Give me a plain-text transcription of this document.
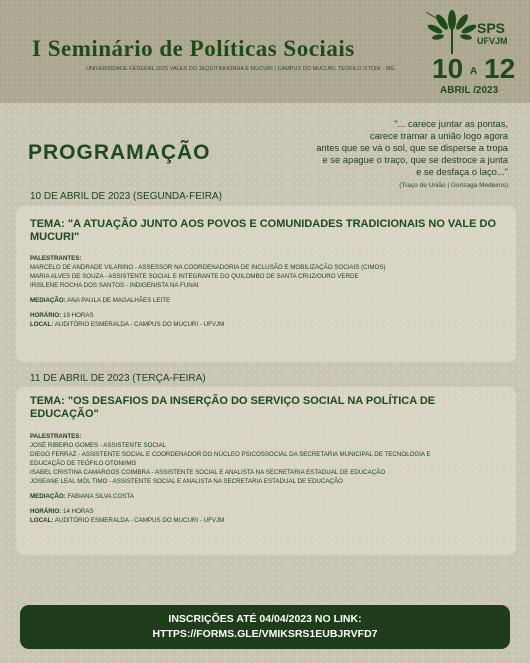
I Seminário de Políticas Sociais
UNIVERSIDADE FEDERAL DOS VALES DO JEQUITINHONHA E MUCURI | CAMPUS DO MUCURI, TEÓFILO OTONI - MG
SPS
UFVJM
10 A 12
ABRIL /2023
"... carece juntar as pontas,
carece tramar a união logo agora
antes que se vá o sol, que se disperse a tropa
e se apague o traço, que se destroce a junta
e se desfaça o laço..."
(Traço de União | Gonzaga Medeiros)
PROGRAMAÇÃO
10 DE ABRIL DE 2023 (SEGUNDA-FEIRA)
TEMA: "A ATUAÇÃO JUNTO AOS POVOS E COMUNIDADES TRADICIONAIS NO VALE DO MUCURI"
PALESTRANTES:
MARCELO DE ANDRADE VILARINO - ASSESSOR NA COORDENADORIA DE INCLUSÃO E MOBILIZAÇÃO SOCIAIS (CIMOS)
MARIA ALVES DE SOUZA - ASSISTENTE SOCIAL E INTEGRANTE DO QUILOMBO DE SANTA CRUZ/OURO VERDE
IRISLENE ROCHA DOS SANTOS - INDIGENISTA NA FUNAI
MEDIAÇÃO: ANA PAULA DE MAGALHÃES LEITE
HORÁRIO: 19 HORAS
LOCAL: AUDITÓRIO ESMERALDA - CAMPUS DO MUCURI - UFVJM
11 DE ABRIL DE 2023 (TERÇA-FEIRA)
TEMA: "OS DESAFIOS DA INSERÇÃO DO SERVIÇO SOCIAL NA POLÍTICA DE EDUCAÇÃO"
PALESTRANTES:
JOSÉ RIBEIRO GOMES - ASSISTENTE SOCIAL
DIEGO FERRAZ - ASSISTENTE SOCIAL E COORDENADOR DO NÚCLEO PSICOSSOCIAL DA SECRETARIA MUNICIPAL DE TECNOLOGIA E
EDUCAÇÃO DE TEÓFILO OTONI/MG
ISABEL CRISTINA CAMARGOS COIMBRA - ASSISTENTE SOCIAL E ANALISTA NA SECRETARIA ESTADUAL DE EDUCAÇÃO
JOSEANE LEAL MÓL TIMO - ASSISTENTE SOCIAL E ANALISTA NA SECRETARIA ESTADUAL DE EDUCAÇÃO
MEDIAÇÃO: FABIANA SILVA COSTA
HORÁRIO: 14 HORAS
LOCAL: AUDITÓRIO ESMERALDA - CAMPUS DO MUCURI - UFVJM
INSCRIÇÕES ATÉ 04/04/2023 NO LINK:
HTTPS://FORMS.GLE/VMIKSRS1EUBJRVFD7
